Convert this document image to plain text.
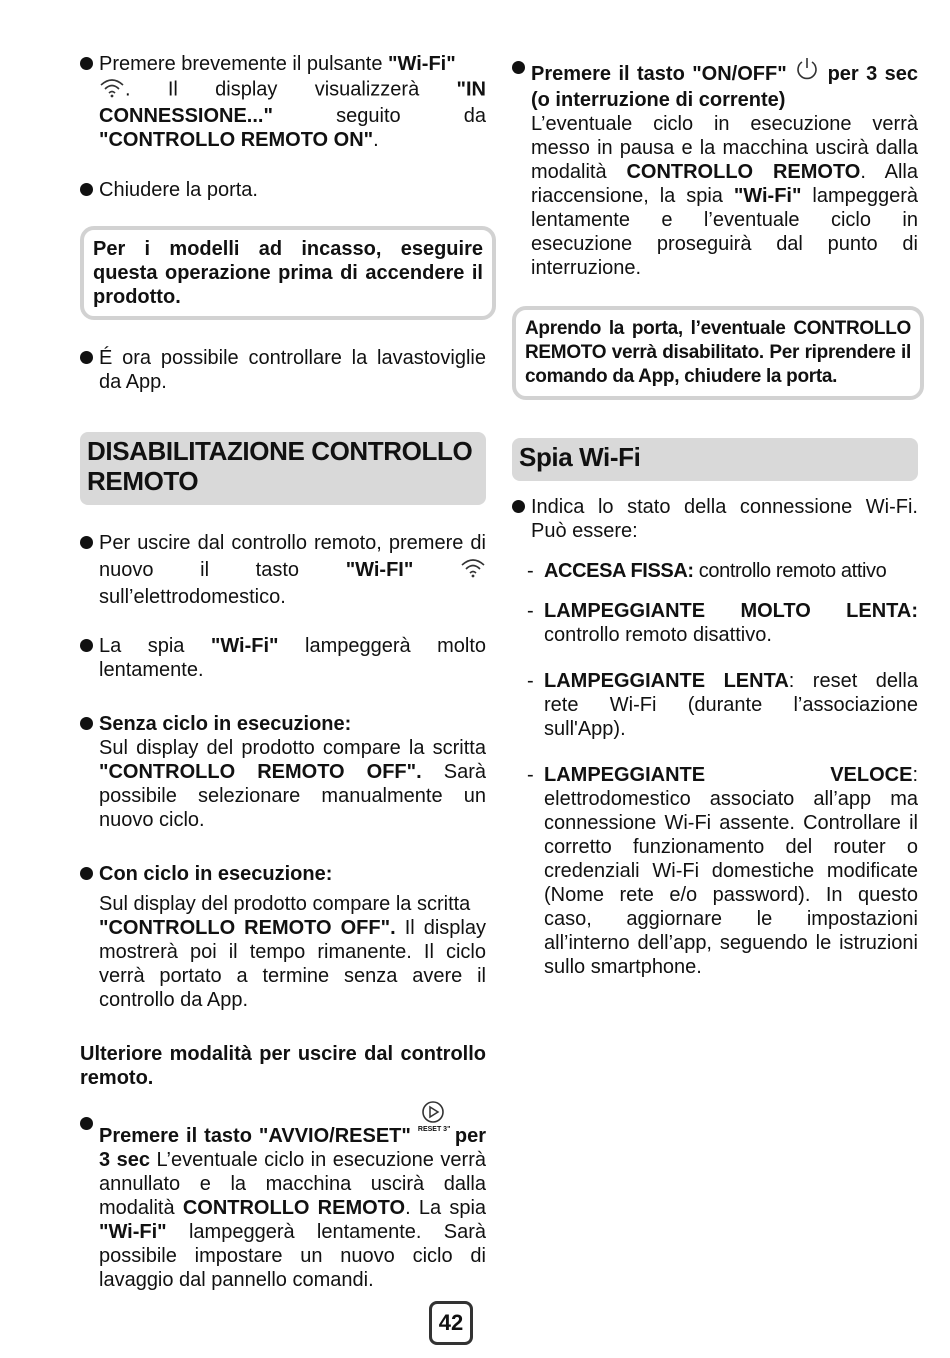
Premere brevemente il pulsante "Wi-Fi"
. Il display visualizzerà "IN CONNESSIONE..."	seguito da "CONTROLLO REMOTO ON".
Chiudere la porta.
Per i modelli ad incasso, eseguire questa operazione prima di accendere il prodotto.
É ora possibile controllare la lavastoviglie da App.
DISABILITAZIONE CONTROLLO REMOTO
Per uscire dal controllo remoto, premere di nuovo il tasto "Wi-FI"  sull’elettrodomestico.
La spia "Wi-Fi" lampeggerà molto lentamente.
Senza ciclo in esecuzione:
Sul display del prodotto compare la scritta "CONTROLLO REMOTO OFF". Sarà possibile selezionare manualmente un nuovo ciclo.
Con ciclo in esecuzione:
Sul display del prodotto compare la scritta "CONTROLLO REMOTO OFF". Il display mostrerà poi il tempo rimanente. Il ciclo verrà portato a termine senza avere il controllo da App.
Ulteriore modalità per uscire dal controllo remoto.
Premere il tasto "AVVIO/RESET" RESET 3" per 3 sec L’eventuale ciclo in esecuzione verrà annullato e la macchina uscirà dalla modalità CONTROLLO REMOTO. La spia "Wi-Fi" lampeggerà lentamente. Sarà possibile impostare un nuovo ciclo di lavaggio dal pannello comandi.
Premere il tasto "ON/OFF" per 3 sec (o interruzione di corrente)
L’eventuale ciclo in esecuzione verrà messo in pausa e la macchina uscirà dalla modalità CONTROLLO REMOTO. Alla riaccensione, la spia "Wi-Fi" lampeggerà lentamente e l’eventuale ciclo in esecuzione proseguirà dal punto di interruzione.
Aprendo la porta, l’eventuale CONTROLLO REMOTO verrà disabilitato. Per riprendere il comando da App, chiudere la porta.
Spia Wi-Fi
Indica lo stato della connessione Wi-Fi. Può essere:
- ACCESA FISSA: controllo remoto attivo
- LAMPEGGIANTE MOLTO LENTA: controllo remoto disattivo.
- LAMPEGGIANTE LENTA: reset della rete Wi-Fi (durante l’associazione sull'App).
- LAMPEGGIANTE VELOCE: elettrodomestico associato all’app ma connessione Wi-Fi assente. Controllare il corretto funzionamento del router o credenziali Wi-Fi domestiche modificate (Nome rete e/o password). In questo caso, aggiornare le impostazioni all’interno dell’app, seguendo le istruzioni sullo smartphone.
42
